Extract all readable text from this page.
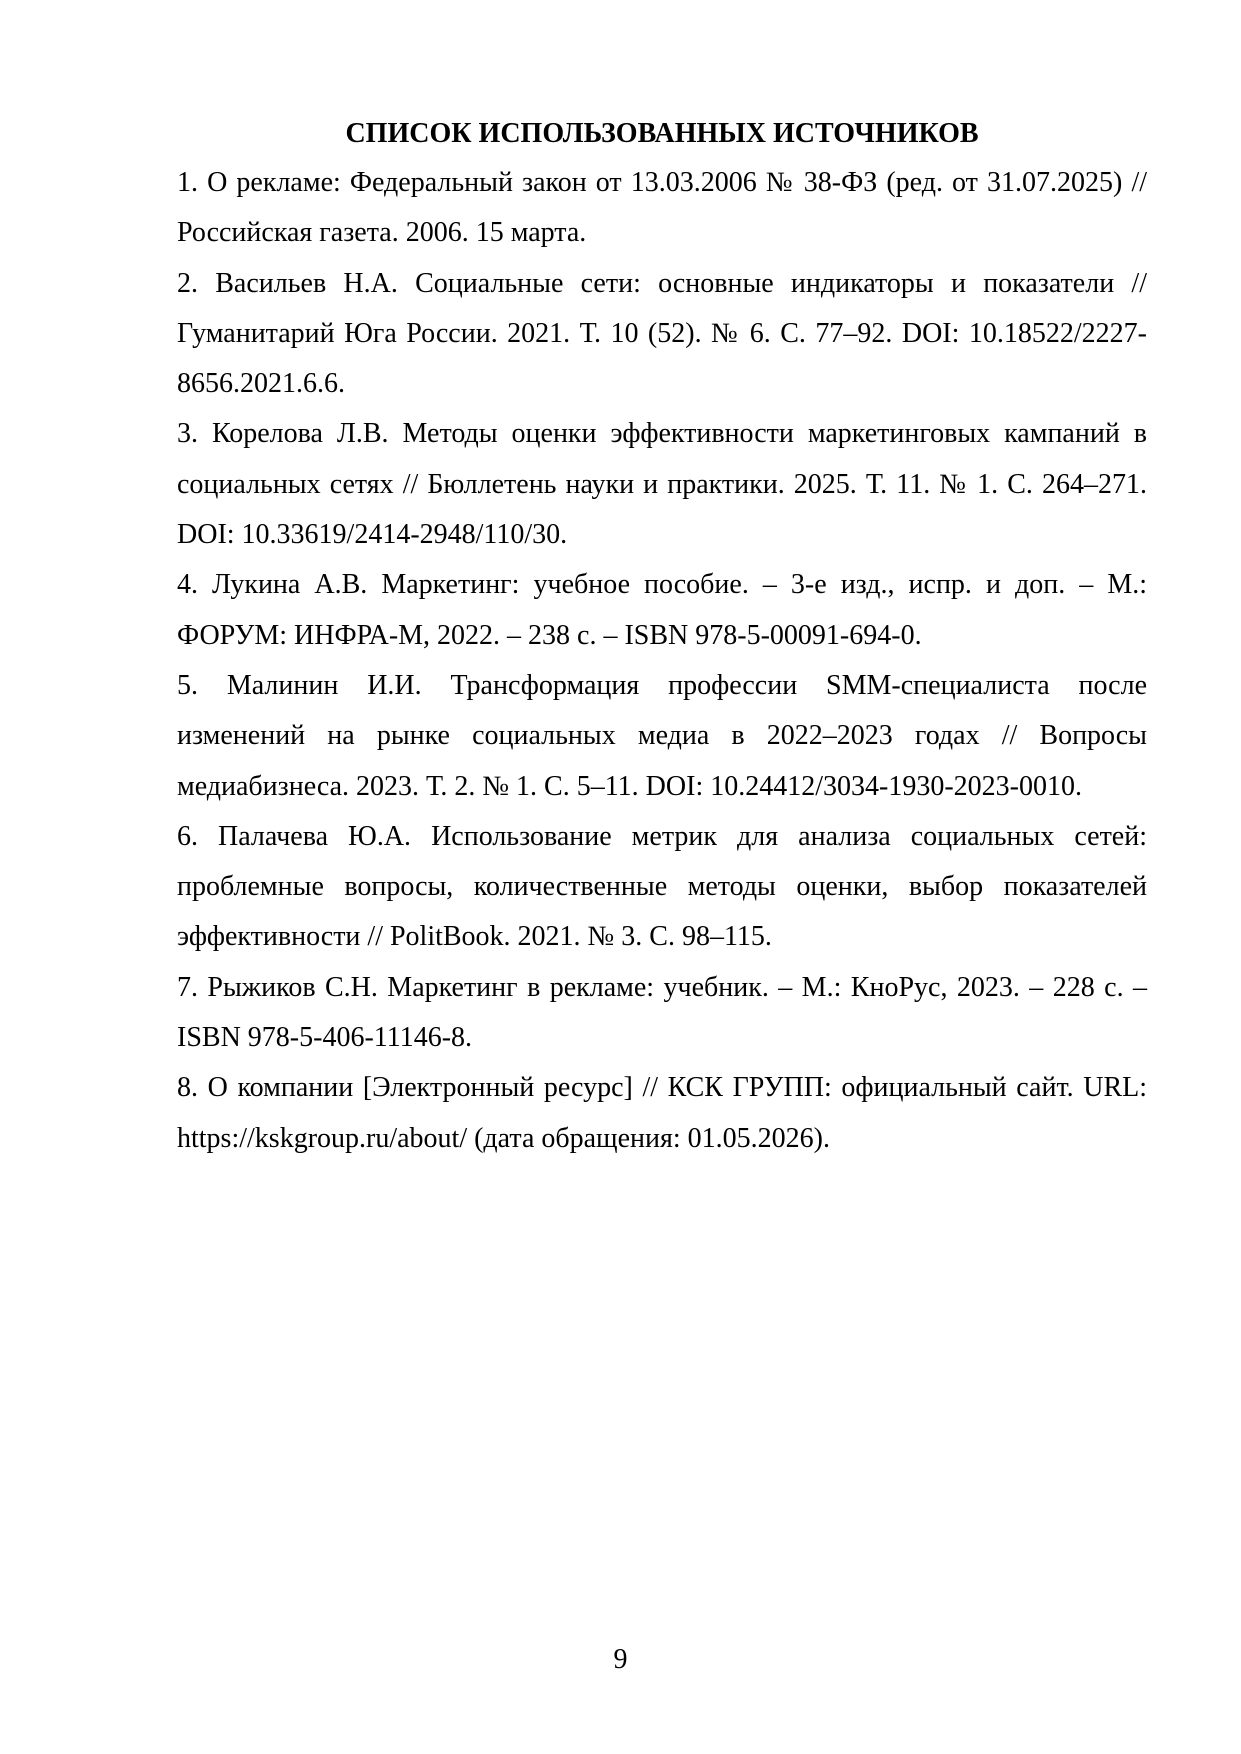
СПИСОК ИСПОЛЬЗОВАННЫХ ИСТОЧНИКОВ
1. О рекламе: Федеральный закон от 13.03.2006 № 38-ФЗ (ред. от 31.07.2025) // Российская газета. 2006. 15 марта.
2. Васильев Н.А. Социальные сети: основные индикаторы и показатели // Гуманитарий Юга России. 2021. Т. 10 (52). № 6. С. 77–92. DOI: 10.18522/2227-8656.2021.6.6.
3. Корелова Л.В. Методы оценки эффективности маркетинговых кампаний в социальных сетях // Бюллетень науки и практики. 2025. Т. 11. № 1. С. 264–271. DOI: 10.33619/2414-2948/110/30.
4. Лукина А.В. Маркетинг: учебное пособие. – 3-е изд., испр. и доп. – М.: ФОРУМ: ИНФРА-М, 2022. – 238 с. – ISBN 978-5-00091-694-0.
5. Малинин И.И. Трансформация профессии SMM-специалиста после изменений на рынке социальных медиа в 2022–2023 годах // Вопросы медиабизнеса. 2023. Т. 2. № 1. С. 5–11. DOI: 10.24412/3034-1930-2023-0010.
6. Палачева Ю.А. Использование метрик для анализа социальных сетей: проблемные вопросы, количественные методы оценки, выбор показателей эффективности // PolitBook. 2021. № 3. С. 98–115.
7. Рыжиков С.Н. Маркетинг в рекламе: учебник. – М.: КноРус, 2023. – 228 с. – ISBN 978-5-406-11146-8.
8. О компании [Электронный ресурс] // КСК ГРУПП: официальный сайт. URL: https://kskgroup.ru/about/ (дата обращения: 01.05.2026).
9
